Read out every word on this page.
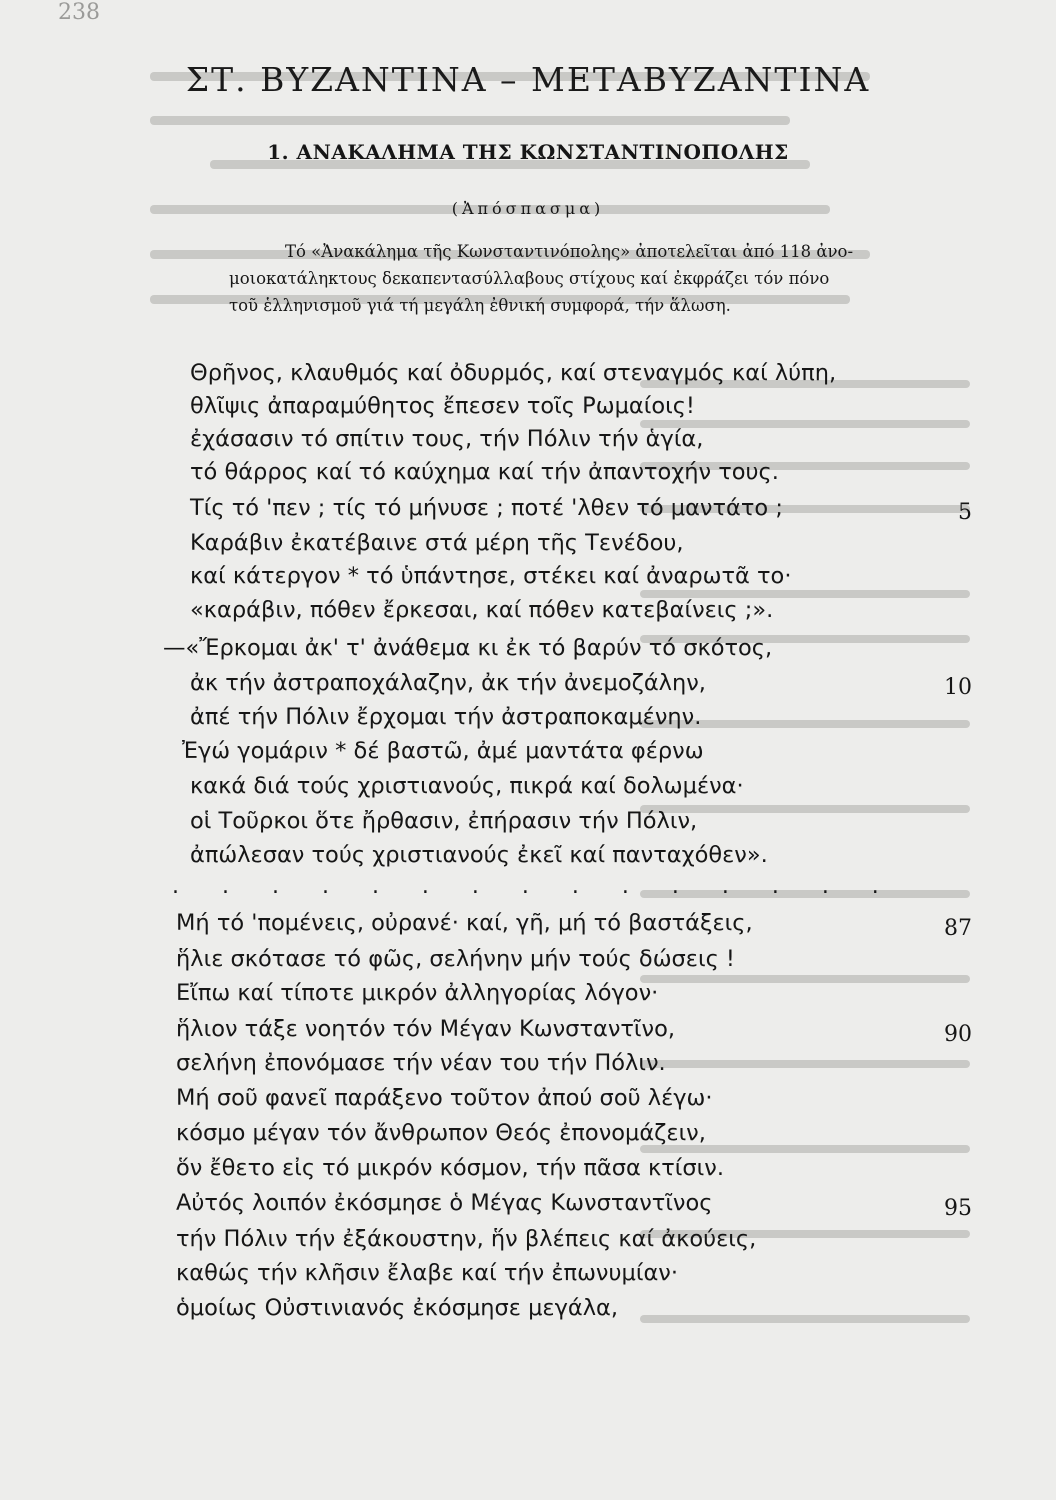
238
ΣΤ. ΒΥΖΑΝΤΙΝΑ – ΜΕΤΑΒΥΖΑΝΤΙΝΑ
1. ΑΝΑΚΑΛΗΜΑ ΤΗΣ ΚΩΝΣΤΑΝΤΙΝΟΠΟΛΗΣ
(Ἀπόσπασμα)
Τό «Ἀνακάλημα τῆς Κωνσταντινόπολης» ἀποτελεῖται ἀπό 118 ἀνο-
μοιοκατάληκτους δεκαπεντασύλλαβους στίχους καί ἐκφράζει τόν πόνο
τοῦ ἑλληνισμοῦ γιά τή μεγάλη ἐθνική συμφορά, τήν ἅλωση.
Θρῆνος, κλαυθμός καί ὀδυρμός, καί στεναγμός καί λύπη,
θλῖψις ἀπαραμύθητος ἔπεσεν τοῖς Ρωμαίοις!
ἐχάσασιν τό σπίτιν τους, τήν Πόλιν τήν ἁγία,
τό θάρρος καί τό καύχημα καί τήν ἀπαντοχήν τους.
Τίς τό 'πεν ; τίς τό μήνυσε ; ποτέ 'λθεν τό μαντάτο ;	5
Καράβιν ἐκατέβαινε στά μέρη τῆς Τενέδου,
καί κάτεργον * τό ὑπάντησε, στέκει καί ἀναρωτᾶ το·
«καράβιν, πόθεν ἔρκεσαι, καί πόθεν κατεβαίνεις ;».
—«Ἔρκομαι ἀκ' τ' ἀνάθεμα κι ἐκ τό βαρύν τό σκότος,
ἀκ τήν ἀστραποχάλαζην, ἀκ τήν ἀνεμοζάλην,	10
ἀπέ τήν Πόλιν ἔρχομαι τήν ἀστραποκαμένην.
Ἐγώ γομάριν * δέ βαστῶ, ἀμέ μαντάτα φέρνω
κακά διά τούς χριστιανούς, πικρά καί δολωμένα·
οἱ Τοῦρκοι ὅτε ἤρθασιν, ἐπήρασιν τήν Πόλιν,
ἀπώλεσαν τούς χριστιανούς ἐκεῖ καί πανταχόθεν».
. . . . . . . . . . . . . . .
Μή τό 'πομένεις, οὐρανέ· καί, γῆ, μή τό βαστάξεις,	87
ἥλιε σκότασε τό φῶς, σελήνην μήν τούς δώσεις !
Εἴπω καί τίποτε μικρόν ἀλληγορίας λόγον·
ἥλιον τάξε νοητόν τόν Μέγαν Κωνσταντῖνο,	90
σελήνη ἐπονόμασε τήν νέαν του τήν Πόλιν.
Μή σοῦ φανεῖ παράξενο τοῦτον ἀπού σοῦ λέγω·
κόσμο μέγαν τόν ἄνθρωπον Θεός ἐπονομάζειν,
ὅν ἔθετο εἰς τό μικρόν κόσμον, τήν πᾶσα κτίσιν.
Αὐτός λοιπόν ἐκόσμησε ὁ Μέγας Κωνσταντῖνος	95
τήν Πόλιν τήν ἐξάκουστην, ἥν βλέπεις καί ἀκούεις,
καθώς τήν κλῆσιν ἔλαβε καί τήν ἐπωνυμίαν·
ὁμοίως Οὐστινιανός ἐκόσμησε μεγάλα,
